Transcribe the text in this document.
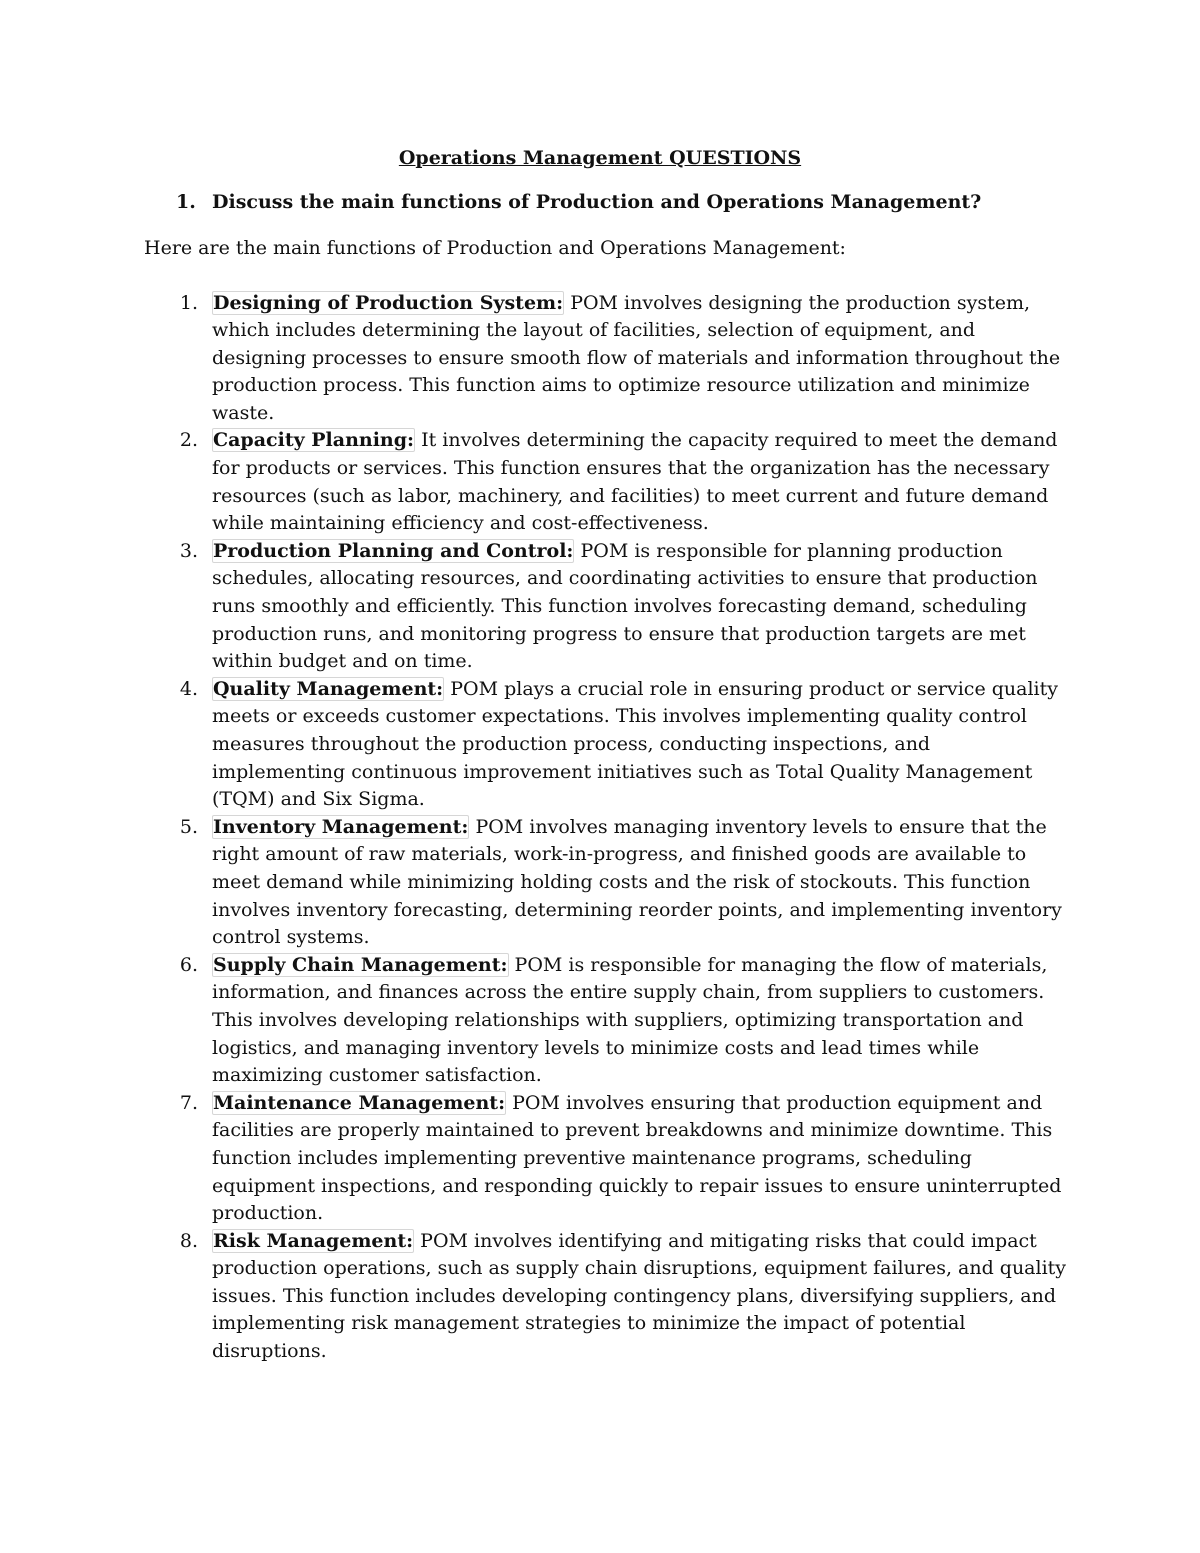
Operations Management QUESTIONS
1. Discuss the main functions of Production and Operations Management?
Here are the main functions of Production and Operations Management:
1. Designing of Production System: POM involves designing the production system, which includes determining the layout of facilities, selection of equipment, and designing processes to ensure smooth flow of materials and information throughout the production process. This function aims to optimize resource utilization and minimize waste.
2. Capacity Planning: It involves determining the capacity required to meet the demand for products or services. This function ensures that the organization has the necessary resources (such as labor, machinery, and facilities) to meet current and future demand while maintaining efficiency and cost-effectiveness.
3. Production Planning and Control: POM is responsible for planning production schedules, allocating resources, and coordinating activities to ensure that production runs smoothly and efficiently. This function involves forecasting demand, scheduling production runs, and monitoring progress to ensure that production targets are met within budget and on time.
4. Quality Management: POM plays a crucial role in ensuring product or service quality meets or exceeds customer expectations. This involves implementing quality control measures throughout the production process, conducting inspections, and implementing continuous improvement initiatives such as Total Quality Management (TQM) and Six Sigma.
5. Inventory Management: POM involves managing inventory levels to ensure that the right amount of raw materials, work-in-progress, and finished goods are available to meet demand while minimizing holding costs and the risk of stockouts. This function involves inventory forecasting, determining reorder points, and implementing inventory control systems.
6. Supply Chain Management: POM is responsible for managing the flow of materials, information, and finances across the entire supply chain, from suppliers to customers. This involves developing relationships with suppliers, optimizing transportation and logistics, and managing inventory levels to minimize costs and lead times while maximizing customer satisfaction.
7. Maintenance Management: POM involves ensuring that production equipment and facilities are properly maintained to prevent breakdowns and minimize downtime. This function includes implementing preventive maintenance programs, scheduling equipment inspections, and responding quickly to repair issues to ensure uninterrupted production.
8. Risk Management: POM involves identifying and mitigating risks that could impact production operations, such as supply chain disruptions, equipment failures, and quality issues. This function includes developing contingency plans, diversifying suppliers, and implementing risk management strategies to minimize the impact of potential disruptions.
